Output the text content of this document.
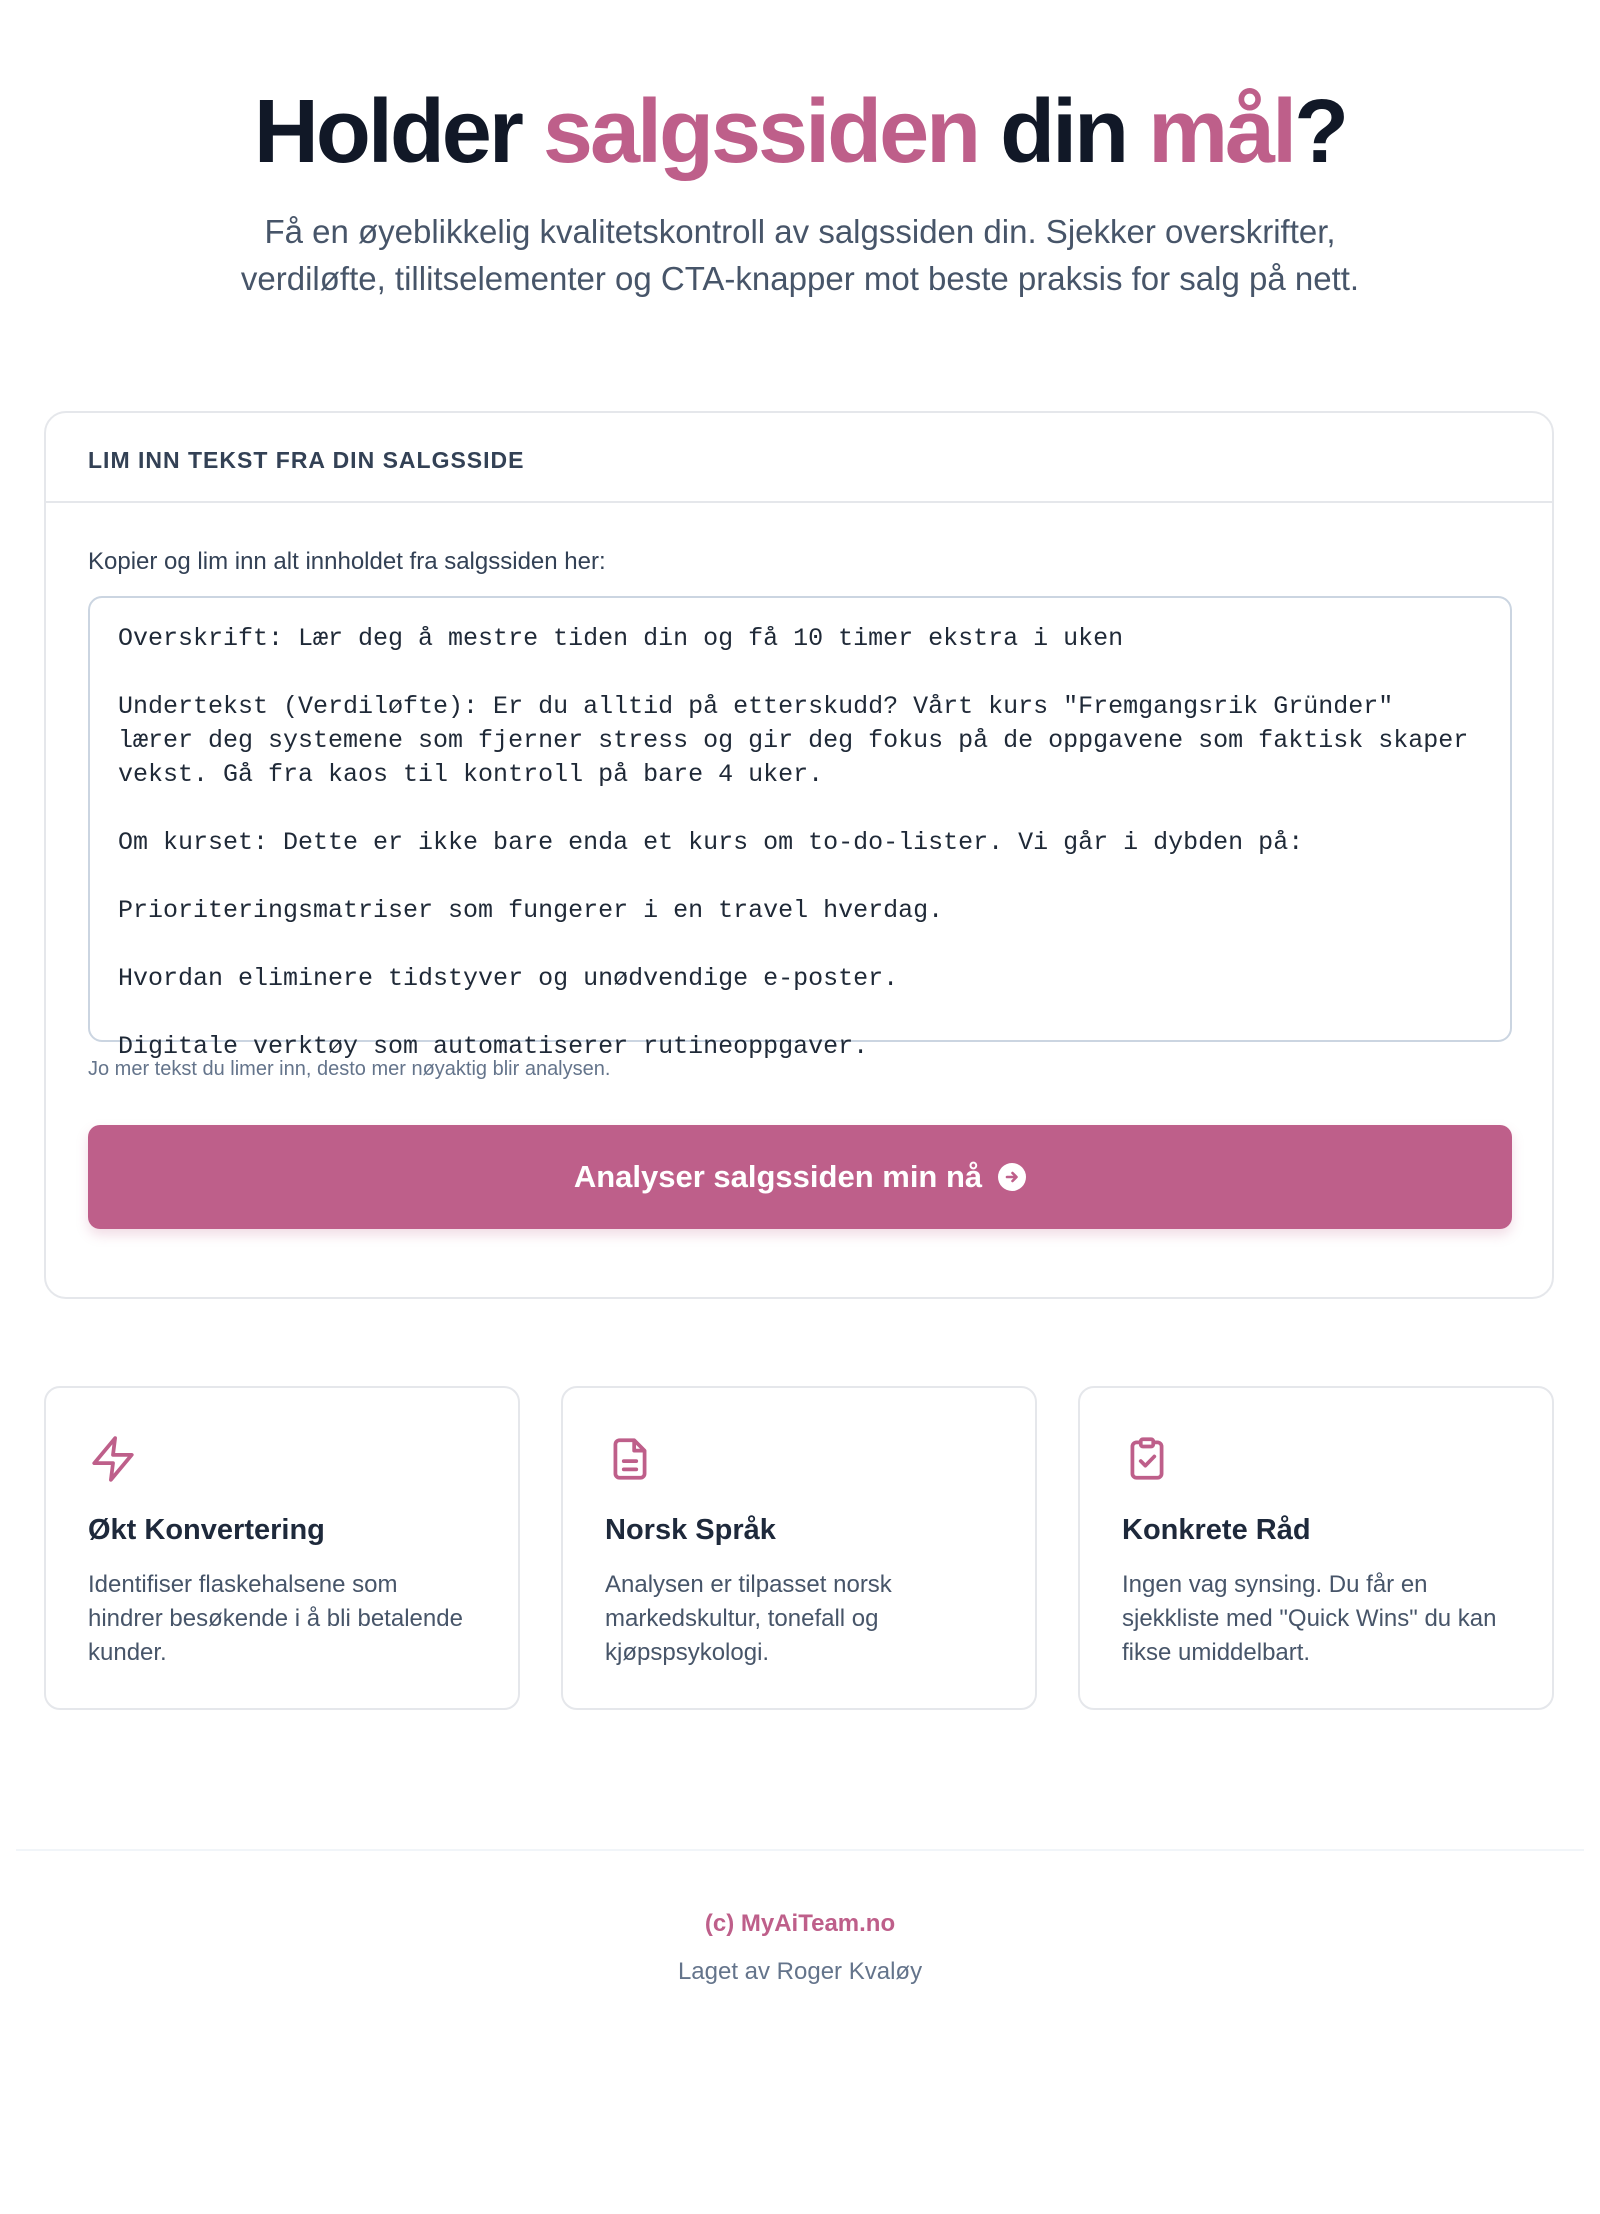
Holder salgssiden din mål?

Få en øyeblikkelig kvalitetskontroll av salgssiden din. Sjekker overskrifter, verdiløfte, tillitselementer og CTA-knapper mot beste praksis for salg på nett.

LIM INN TEKST FRA DIN SALGSSIDE
Kopier og lim inn alt innholdet fra salgssiden her:
Overskrift: Lær deg å mestre tiden din og få 10 timer ekstra i uken

Undertekst (Verdiløfte): Er du alltid på etterskudd? Vårt kurs "Fremgangsrik Gründer" lærer deg systemene som fjerner stress og gir deg fokus på de oppgavene som faktisk skaper vekst. Gå fra kaos til kontroll på bare 4 uker.

Om kurset: Dette er ikke bare enda et kurs om to-do-lister. Vi går i dybden på:

Prioriteringsmatriser som fungerer i en travel hverdag.

Hvordan eliminere tidstyver og unødvendige e-poster.

Digitale verktøy som automatiserer rutineoppgaver.
Jo mer tekst du limer inn, desto mer nøyaktig blir analysen.
Analyser salgssiden min nå
Økt Konvertering

Identifiser flaskehalsene som hindrer besøkende i å bli betalende kunder.

Norsk Språk

Analysen er tilpasset norsk markedskultur, tonefall og kjøpspsykologi.

Konkrete Råd

Ingen vag synsing. Du får en sjekkliste med "Quick Wins" du kan fikse umiddelbart.

(c) MyAiTeam.no
Laget av Roger Kvaløy
